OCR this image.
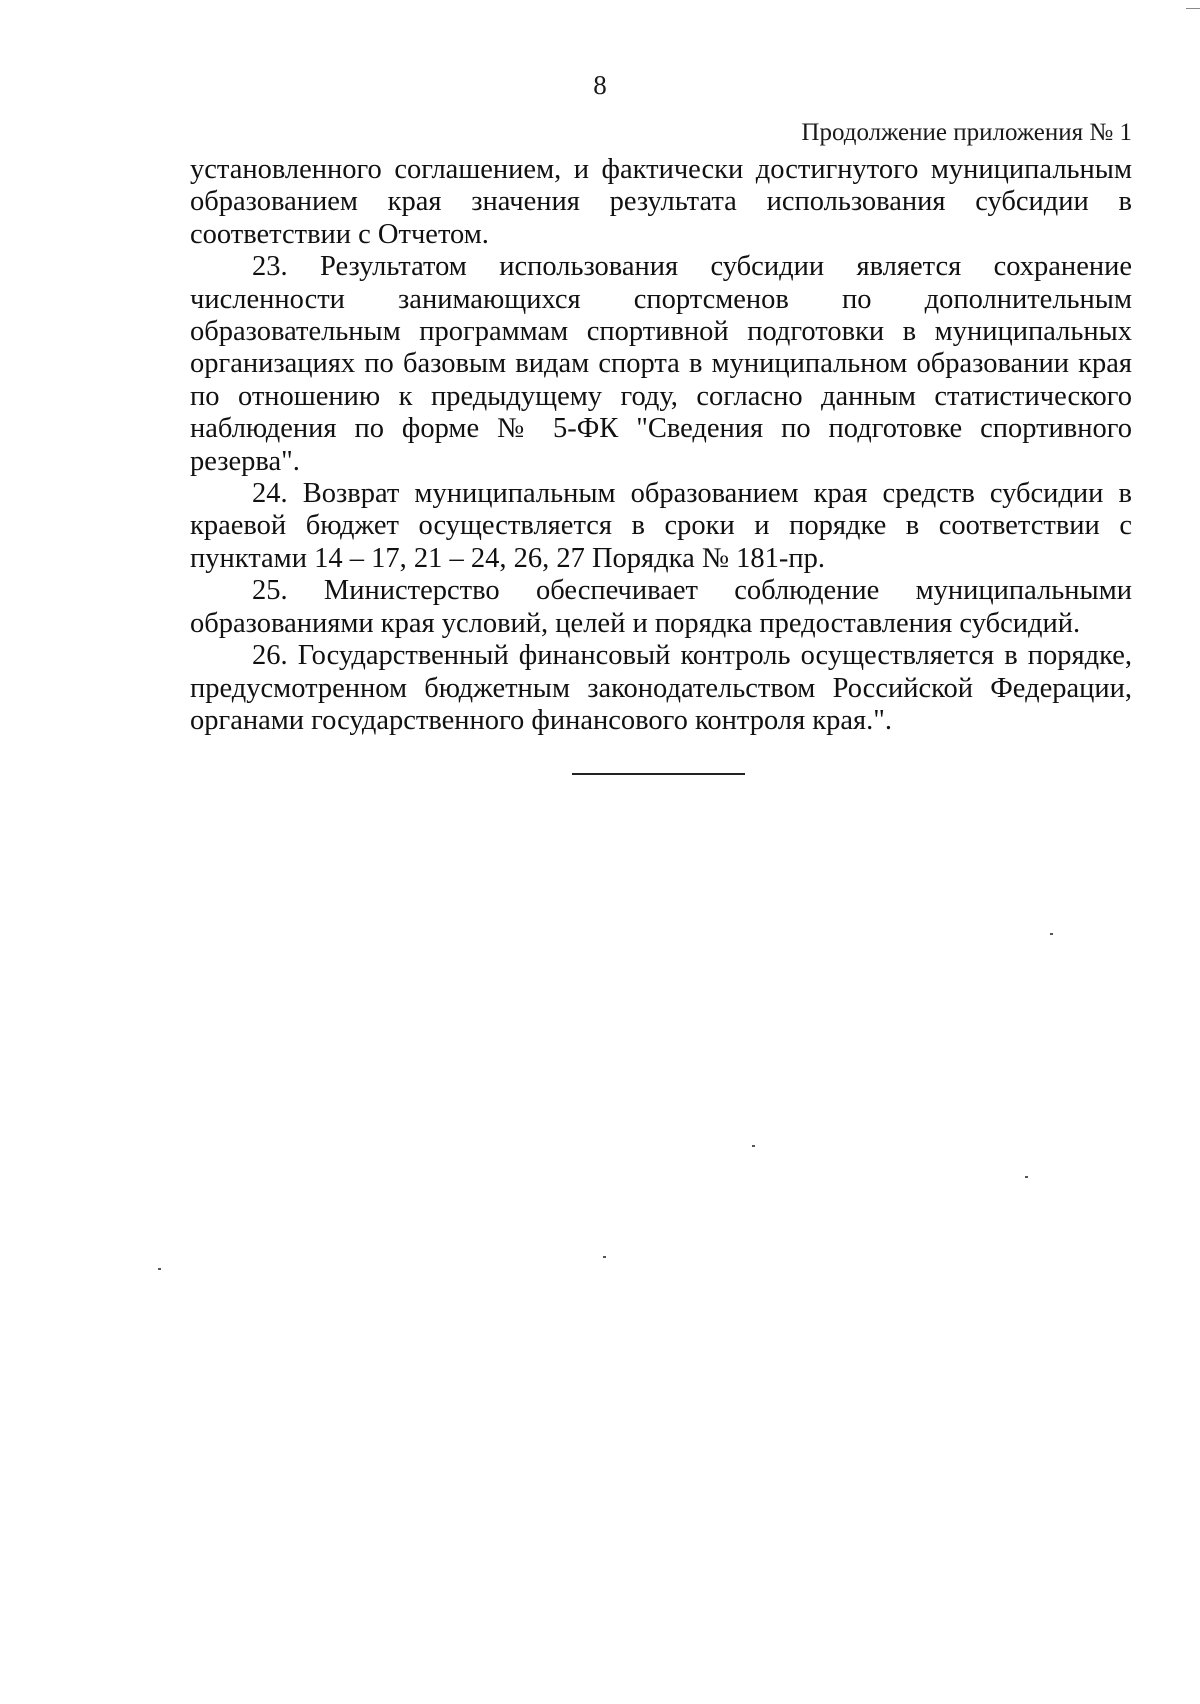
8
Продолжение приложения № 1

установленного соглашением, и фактически достигнутого муниципальным образованием края значения результата использования субсидии в соответствии с Отчетом.

23. Результатом использования субсидии является сохранение численности занимающихся спортсменов по дополнительным образовательным программам спортивной подготовки в муниципальных организациях по базовым видам спорта в муниципальном образовании края по отношению к предыдущему году, согласно данным статистического наблюдения по форме № 5-ФК "Сведения по подготовке спортивного резерва".

24. Возврат муниципальным образованием края средств субсидии в краевой бюджет осуществляется в сроки и порядке в соответствии с пунктами 14 – 17, 21 – 24, 26, 27 Порядка № 181-пр.

25. Министерство обеспечивает соблюдение муниципальными образованиями края условий, целей и порядка предоставления субсидий.

26. Государственный финансовый контроль осуществляется в порядке, предусмотренном бюджетным законодательством Российской Федерации, органами государственного финансового контроля края.".
